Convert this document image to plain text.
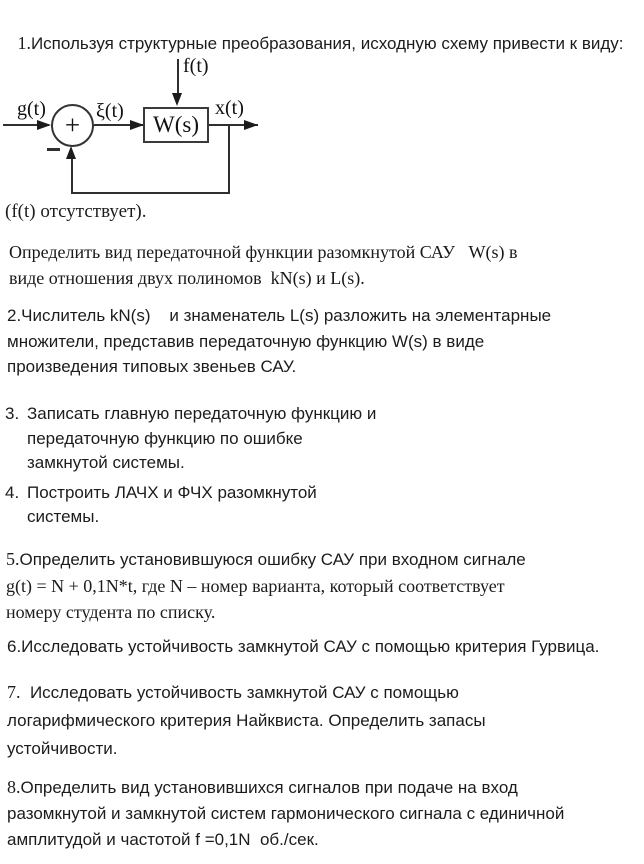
1.Используя структурные преобразования, исходную схему привести к виду:

f(t)
g(t)
+ ξ(t)
W(s)
x(t)
(f(t) отсутствует).
Определить вид передаточной функции разомкнутой САУ   W(s) в
виде отношения двух полиномов  kN(s) и L(s).
2.Числитель kN(s)    и знаменатель L(s) разложить на элементарные
множители, представив передаточную функцию W(s) в виде
произведения типовых звеньев САУ.
3. Записать главную передаточную функцию и
передаточную функцию по ошибке
замкнутой системы.
4. Построить ЛАЧХ и ФЧХ разомкнутой
системы.
5.Определить установившуюся ошибку САУ при входном сигнале
g(t) = N + 0,1N*t, где N – номер варианта, который соответствует
номеру студента по списку.
6.Исследовать устойчивость замкнутой САУ с помощью критерия Гурвица.
7.  Исследовать устойчивость замкнутой САУ с помощью
логарифмического критерия Найквиста. Определить запасы
устойчивости.
8.Определить вид установившихся сигналов при подаче на вход
разомкнутой и замкнутой систем гармонического сигнала с единичной
амплитудой и частотой f =0,1N  об./сек.
